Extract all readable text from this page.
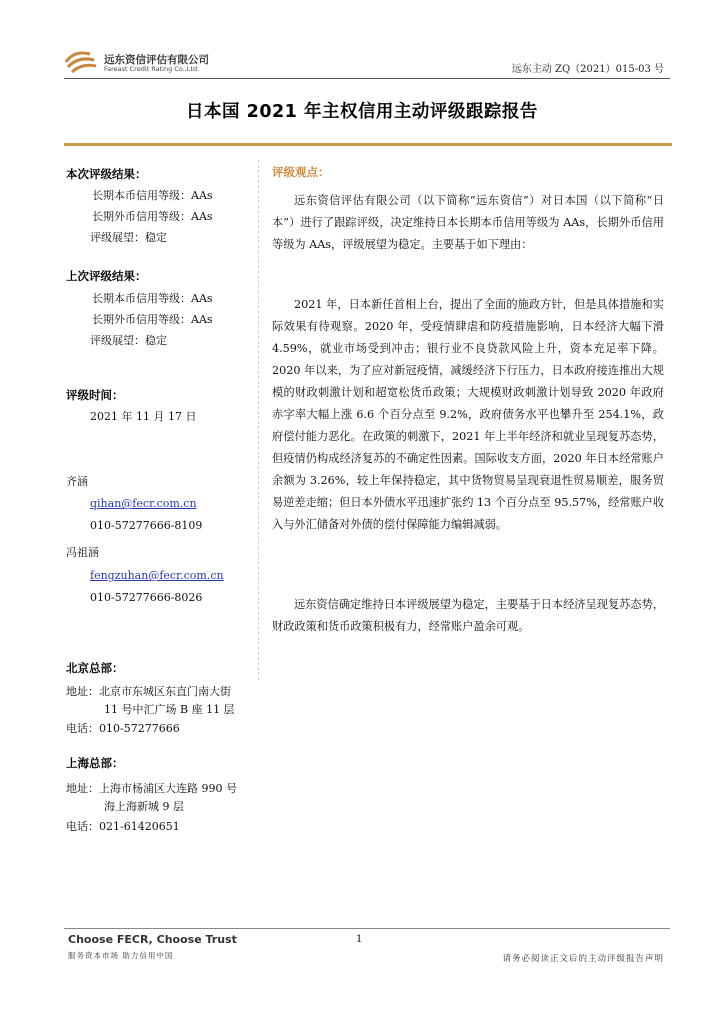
远东资信评估有限公司
Fareast Credit Rating Co.,Ltd.	远东主动 ZQ（2021）015-03 号
日本国 2021 年主权信用主动评级跟踪报告
本次评级结果：
长期本币信用等级：AAs
长期外币信用等级：AAs
评级展望：稳定
上次评级结果：
长期本币信用等级：AAs
长期外币信用等级：AAs
评级展望：稳定
评级时间：
2021 年 11 月 17 日
齐涵
qihan@fecr.com.cn
010-57277666-8109
冯祖涵
fengzuhan@fecr.com.cn
010-57277666-8026
北京总部：
地址：北京市东城区东直门南大街
11 号中汇广场 B 座 11 层
电话：010-57277666
上海总部：
地址：上海市杨浦区大连路 990 号
海上海新城 9 层
电话：021-61420651
评级观点：
远东资信评估有限公司（以下简称“远东资信”）对日本国（以下简称“日本”）进行了跟踪评级，决定维持日本长期本币信用等级为 AAs，长期外币信用等级为 AAs，评级展望为稳定。主要基于如下理由：
2021 年，日本新任首相上台，提出了全面的施政方针，但是具体措施和实际效果有待观察。2020 年，受疫情肆虐和防疫措施影响，日本经济大幅下滑 4.59%，就业市场受到冲击；银行业不良贷款风险上升，资本充足率下降。2020 年以来，为了应对新冠疫情，减缓经济下行压力，日本政府接连推出大规模的财政刺激计划和超宽松货币政策；大规模财政刺激计划导致 2020 年政府赤字率大幅上涨 6.6 个百分点至 9.2%，政府债务水平也攀升至 254.1%，政府偿付能力恶化。在政策的刺激下，2021 年上半年经济和就业呈现复苏态势，但疫情仍构成经济复苏的不确定性因素。国际收支方面，2020 年日本经常账户余额为 3.26%，较上年保持稳定，其中货物贸易呈现衰退性贸易顺差，服务贸易逆差走缩；但日本外债水平迅速扩张约 13 个百分点至 95.57%，经常账户收入与外汇储备对外债的偿付保障能力编辑减弱。
远东资信确定维持日本评级展望为稳定，主要基于日本经济呈现复苏态势，财政政策和货币政策积极有力，经常账户盈余可观。
Choose FECR, Choose Trust
服务资本市场 助力信用中国
1
请务必阅读正文后的主动评级报告声明
